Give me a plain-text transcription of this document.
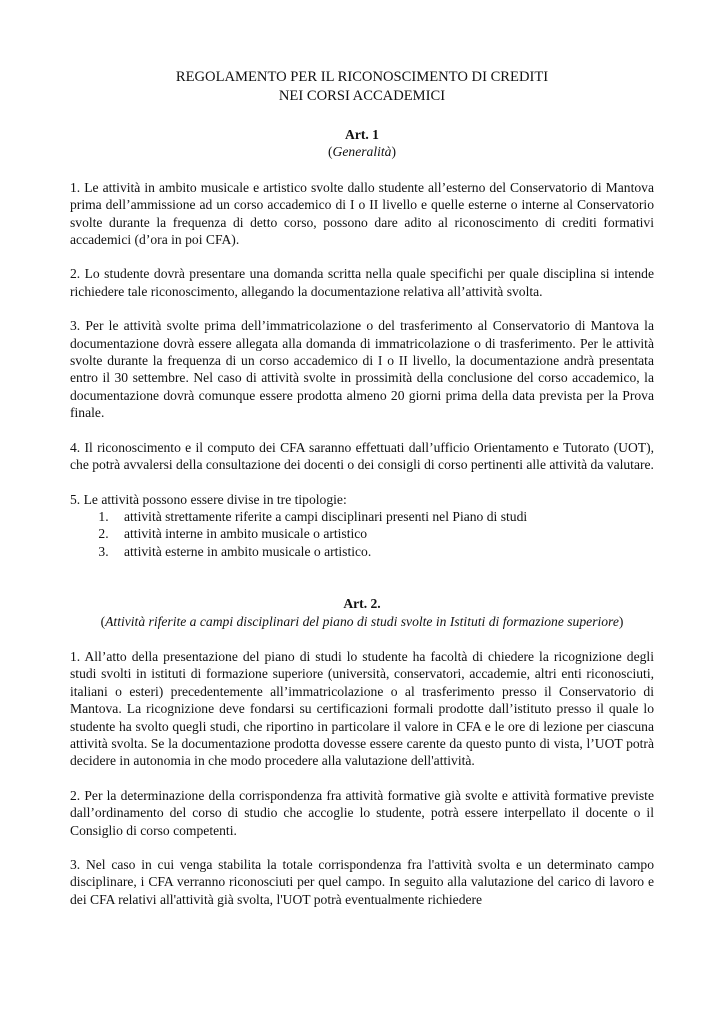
REGOLAMENTO PER IL RICONOSCIMENTO DI CREDITI
NEI CORSI ACCADEMICI

Art. 1

(Generalità)

1. Le attività in ambito musicale e artistico svolte dallo studente all’esterno del Conservatorio di Mantova prima dell’ammissione ad un corso accademico di I o II livello e quelle esterne o interne al Conservatorio svolte durante la frequenza di detto corso, possono dare adito al riconoscimento di crediti formativi accademici (d’ora in poi CFA).

2. Lo studente dovrà presentare una domanda scritta nella quale specifichi per quale disciplina si intende richiedere tale riconoscimento, allegando la documentazione relativa all’attività svolta.

3. Per le attività svolte prima dell’immatricolazione o del trasferimento al Conservatorio di Mantova la documentazione dovrà essere allegata alla domanda di immatricolazione o di trasferimento. Per le attività svolte durante la frequenza di un corso accademico di I o II livello, la documentazione andrà presentata entro il 30 settembre. Nel caso di attività svolte in prossimità della conclusione del corso accademico, la documentazione dovrà comunque essere prodotta almeno 20 giorni prima della data prevista per la Prova finale.

4. Il riconoscimento e il computo dei CFA saranno effettuati dall’ufficio Orientamento e Tutorato (UOT), che potrà avvalersi della consultazione dei docenti o dei consigli di corso pertinenti alle attività da valutare.

5. Le attività possono essere divise in tre tipologie:

1. attività strettamente riferite a campi disciplinari presenti nel Piano di studi
2. attività interne in ambito musicale o artistico
3. attività esterne in ambito musicale o artistico.

Art. 2.

(Attività riferite a campi disciplinari del piano di studi svolte in Istituti di formazione superiore)

1. All’atto della presentazione del piano di studi lo studente ha facoltà di chiedere la ricognizione degli studi svolti in istituti di formazione superiore (università, conservatori, accademie, altri enti riconosciuti, italiani o esteri) precedentemente all’immatricolazione o al trasferimento presso il Conservatorio di Mantova. La ricognizione deve fondarsi su certificazioni formali prodotte dall’istituto presso il quale lo studente ha svolto quegli studi, che riportino in particolare il valore in CFA e le ore di lezione per ciascuna attività svolta. Se la documentazione prodotta dovesse essere carente da questo punto di vista, l’UOT potrà decidere in autonomia in che modo procedere alla valutazione dell'attività.

2. Per la determinazione della corrispondenza fra attività formative già svolte e attività formative previste dall’ordinamento del corso di studio che accoglie lo studente, potrà essere interpellato il docente o il Consiglio di corso competenti.

3. Nel caso in cui venga stabilita la totale corrispondenza fra l'attività svolta e un determinato campo disciplinare, i CFA verranno riconosciuti per quel campo. In seguito alla valutazione del carico di lavoro e dei CFA relativi all'attività già svolta, l'UOT potrà eventualmente richiedere
